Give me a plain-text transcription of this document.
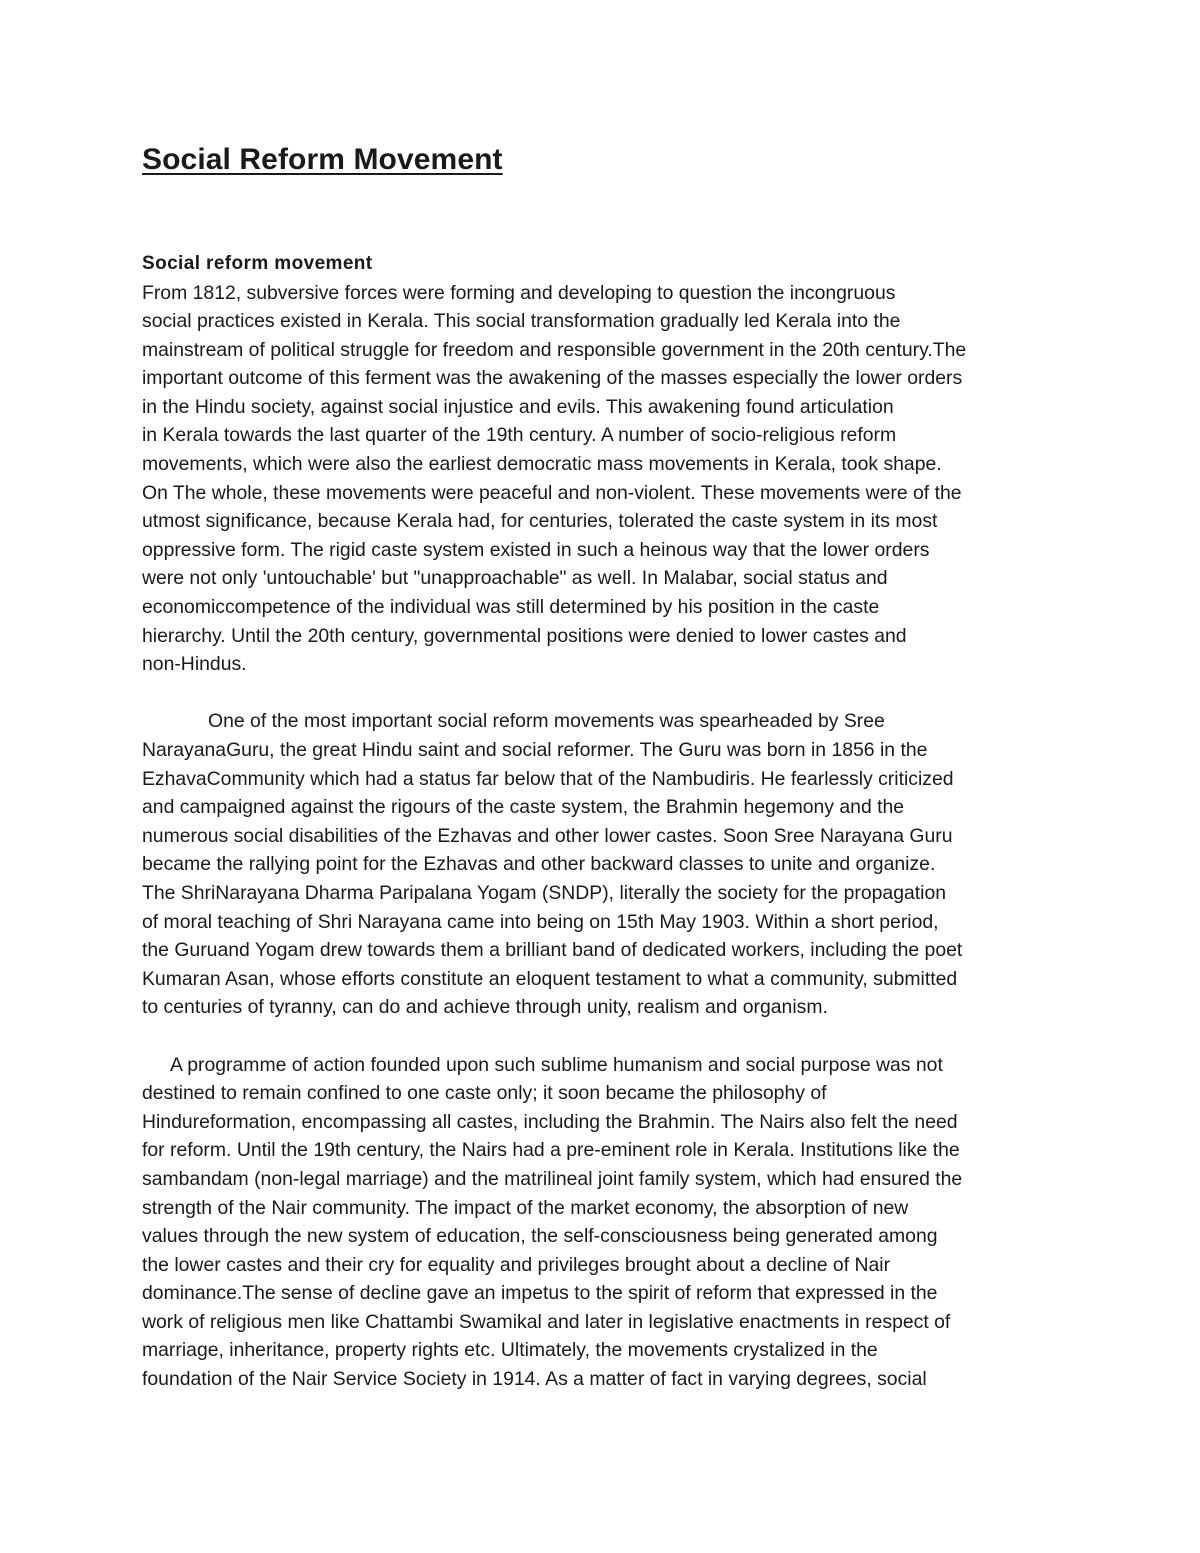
Social Reform Movement
Social reform movement
From 1812, subversive forces were forming and developing to question the incongruous
social practices existed in Kerala. This social transformation gradually led Kerala into the
mainstream of political struggle for freedom and responsible government in the 20th century.The
important outcome of this ferment was the awakening of the masses especially the lower orders
in the Hindu society, against social injustice and evils. This awakening found articulation
in Kerala towards the last quarter of the 19th century. A number of socio-religious reform
movements, which were also the earliest democratic mass movements in Kerala, took shape.
On The whole, these movements were peaceful and non-violent. These movements were of the
utmost significance, because Kerala had, for centuries, tolerated the caste system in its most
oppressive form. The rigid caste system existed in such a heinous way that the lower orders
were not only 'untouchable' but "unapproachable" as well. In Malabar, social status and
economiccompetence of the individual was still determined by his position in the caste
hierarchy. Until the 20th century, governmental positions were denied to lower castes and
non-Hindus.
One of the most important social reform movements was spearheaded by Sree
NarayanaGuru, the great Hindu saint and social reformer. The Guru was born in 1856 in the
EzhavaCommunity which had a status far below that of the Nambudiris. He fearlessly criticized
and campaigned against the rigours of the caste system, the Brahmin hegemony and the
numerous social disabilities of the Ezhavas and other lower castes. Soon Sree Narayana Guru
became the rallying point for the Ezhavas and other backward classes to unite and organize.
The ShriNarayana Dharma Paripalana Yogam (SNDP), literally the society for the propagation
of moral teaching of Shri Narayana came into being on 15th May 1903. Within a short period,
the Guruand Yogam drew towards them a brilliant band of dedicated workers, including the poet
Kumaran Asan, whose efforts constitute an eloquent testament to what a community, submitted
to centuries of tyranny, can do and achieve through unity, realism and organism.
A programme of action founded upon such sublime humanism and social purpose was not
destined to remain confined to one caste only; it soon became the philosophy of
Hindureformation, encompassing all castes, including the Brahmin. The Nairs also felt the need
for reform. Until the 19th century, the Nairs had a pre-eminent role in Kerala. Institutions like the
sambandam (non-legal marriage) and the matrilineal joint family system, which had ensured the
strength of the Nair community. The impact of the market economy, the absorption of new
values through the new system of education, the self-consciousness being generated among
the lower castes and their cry for equality and privileges brought about a decline of Nair
dominance.The sense of decline gave an impetus to the spirit of reform that expressed in the
work of religious men like Chattambi Swamikal and later in legislative enactments in respect of
marriage, inheritance, property rights etc. Ultimately, the movements crystalized in the
foundation of the Nair Service Society in 1914. As a matter of fact in varying degrees, social
